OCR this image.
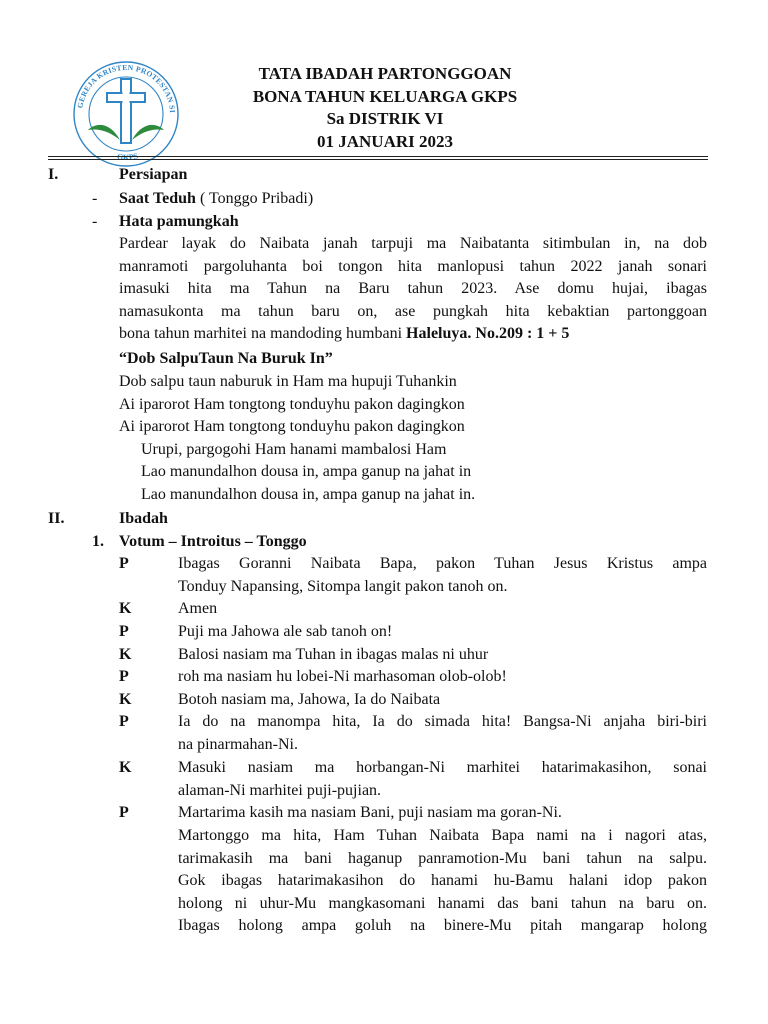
GEREJA KRISTEN PROTESTAN SI
GKPS
TATA IBADAH PARTONGGOAN
BONA TAHUN KELUARGA GKPS
Sa DISTRIK VI
01 JANUARI 2023
I.	Persiapan
- Saat Teduh ( Tonggo Pribadi)
- Hata pamungkah
Pardear layak do Naibata janah tarpuji ma Naibatanta sitimbulan in, na dob
manramoti pargoluhanta boi tongon hita manlopusi tahun 2022 janah sonari
imasuki hita ma Tahun na Baru tahun 2023. Ase domu hujai, ibagas
namasukonta ma tahun baru on, ase pungkah hita kebaktian partonggoan
bona tahun marhitei na mandoding humbani Haleluya. No.209 : 1 + 5
“Dob SalpuTaun Na Buruk In”
Dob salpu taun naburuk in Ham ma hupuji Tuhankin
Ai iparorot Ham tongtong tonduyhu pakon dagingkon
Ai iparorot Ham tongtong tonduyhu pakon dagingkon
Urupi, pargogohi Ham hanami mambalosi Ham
Lao manundalhon dousa in, ampa ganup na jahat in
Lao manundalhon dousa in, ampa ganup na jahat in.
II.	Ibadah
1. Votum – Introitus – Tonggo
P	Ibagas Goranni Naibata Bapa, pakon Tuhan Jesus Kristus ampa
Tonduy Napansing, Sitompa langit pakon tanoh on.
K	Amen
P	Puji ma Jahowa ale sab tanoh on!
K	Balosi nasiam ma Tuhan in ibagas malas ni uhur
P	roh ma nasiam hu lobei-Ni marhasoman olob-olob!
K	Botoh nasiam ma, Jahowa, Ia do Naibata
P	Ia do na manompa hita, Ia do simada hita! Bangsa-Ni anjaha biri-biri
na pinarmahan-Ni.
K	Masuki nasiam ma horbangan-Ni marhitei hatarimakasihon, sonai
alaman-Ni marhitei puji-pujian.
P	Martarima kasih ma nasiam Bani, puji nasiam ma goran-Ni.
Martonggo ma hita, Ham Tuhan Naibata Bapa nami na i nagori atas,
tarimakasih ma bani haganup panramotion-Mu bani tahun na salpu.
Gok ibagas hatarimakasihon do hanami hu-Bamu halani idop pakon
holong ni uhur-Mu mangkasomani hanami das bani tahun na baru on.
Ibagas holong ampa goluh na binere-Mu pitah mangarap holong
